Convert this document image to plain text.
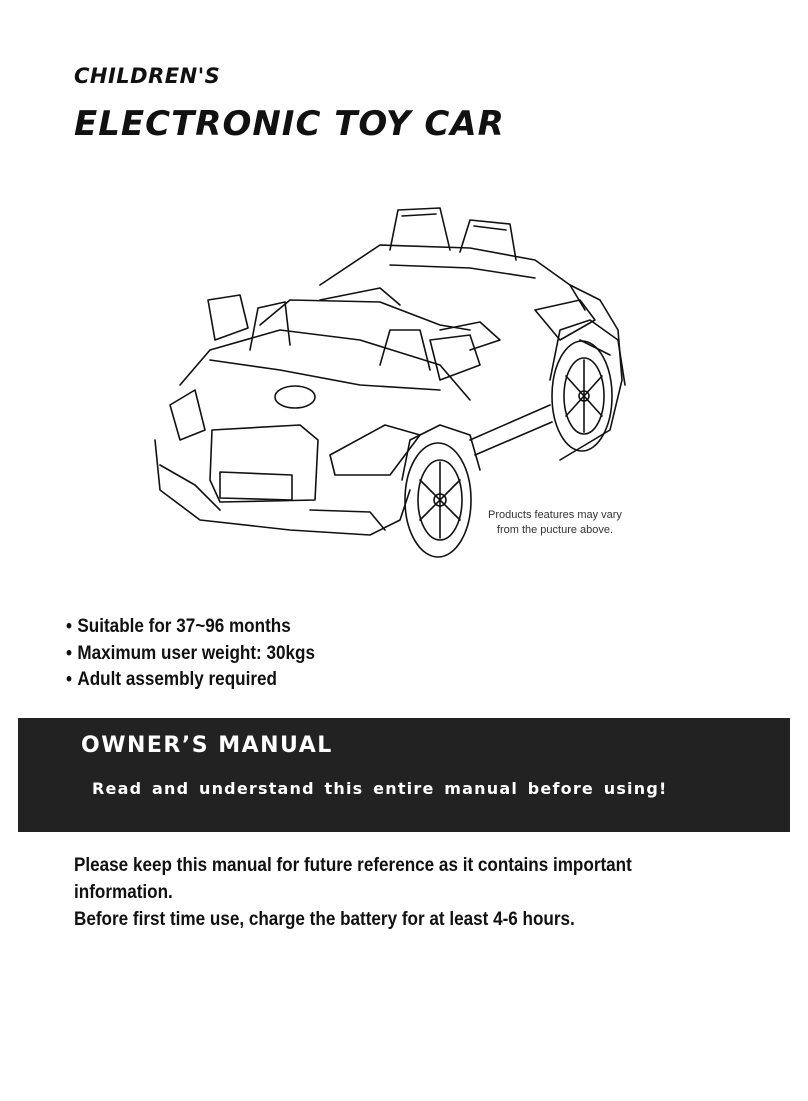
CHILDREN'S
ELECTRONIC TOY CAR
Products features may vary
from the pucture above.
• Suitable for 37~96 months
• Maximum user weight: 30kgs
• Adult assembly required
OWNER’S MANUAL
Read and understand this entire manual before using!

Please keep this manual for future reference as it contains important information.

Before first time use, charge the battery for at least 4-6 hours.
